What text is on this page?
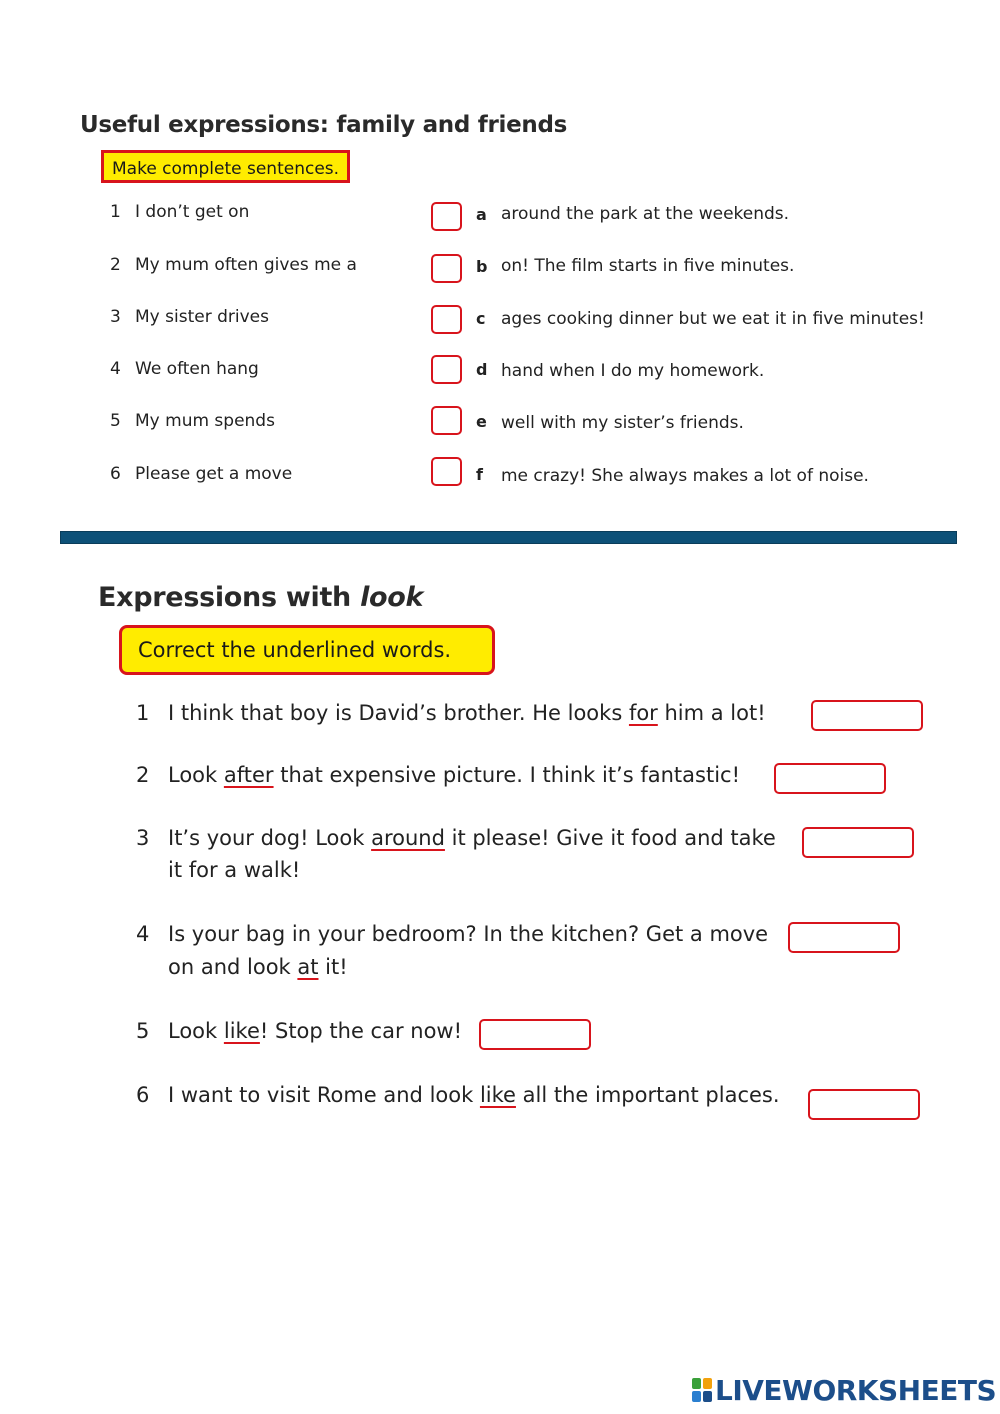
Useful expressions: family and friends
Make complete sentences.
1 I don’t get on	a around the park at the weekends.
2 My mum often gives me a	b on! The film starts in five minutes.
3 My sister drives	c ages cooking dinner but we eat it in five minutes!
4 We often hang	d hand when I do my homework.
5 My mum spends	e well with my sister’s friends.
6 Please get a move	f me crazy! She always makes a lot of noise.
Expressions with look
Correct the underlined words.
1 I think that boy is David’s brother. He looks for him a lot!
2 Look after that expensive picture. I think it’s fantastic!
3 It’s your dog! Look around it please! Give it food and take
it for a walk!
4 Is your bag in your bedroom? In the kitchen? Get a move
on and look at it!
5 Look like! Stop the car now!
6 I want to visit Rome and look like all the important places.
LIVEWORKSHEETS
